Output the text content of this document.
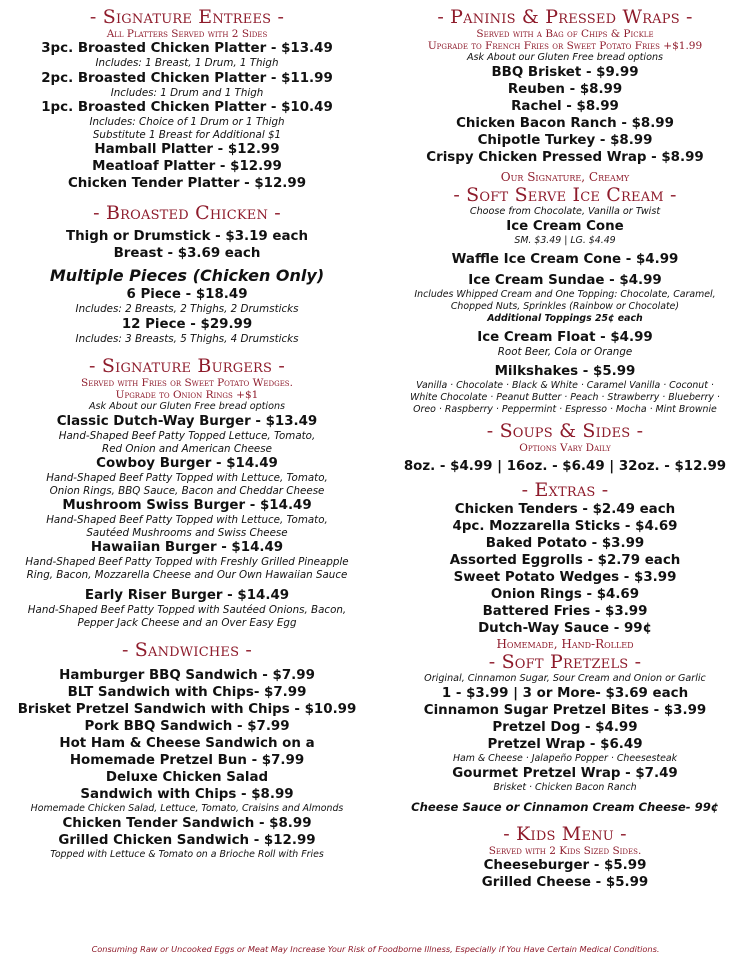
- Signature Entrees -

All Platters Served with 2 Sides

3pc. Broasted Chicken Platter - $13.49

Includes: 1 Breast, 1 Drum, 1 Thigh

2pc. Broasted Chicken Platter - $11.99

Includes: 1 Drum and 1 Thigh

1pc. Broasted Chicken Platter - $10.49

Includes: Choice of 1 Drum or 1 Thigh

Substitute 1 Breast for Additional $1

Hamball Platter - $12.99

Meatloaf Platter - $12.99

Chicken Tender Platter - $12.99

- Broasted Chicken -

Thigh or Drumstick - $3.19 each

Breast - $3.69 each

Multiple Pieces (Chicken Only)

6 Piece - $18.49

Includes: 2 Breasts, 2 Thighs, 2 Drumsticks

12 Piece - $29.99

Includes: 3 Breasts, 5 Thighs, 4 Drumsticks

- Signature Burgers -

Served with Fries or Sweet Potato Wedges.

Upgrade to Onion Rings +$1

Ask About our Gluten Free bread options

Classic Dutch-Way Burger - $13.49

Hand-Shaped Beef Patty Topped Lettuce, Tomato,

Red Onion and American Cheese

Cowboy Burger - $14.49

Hand-Shaped Beef Patty Topped with Lettuce, Tomato,

Onion Rings, BBQ Sauce, Bacon and Cheddar Cheese

Mushroom Swiss Burger - $14.49

Hand-Shaped Beef Patty Topped with Lettuce, Tomato,

Sautéed Mushrooms and Swiss Cheese

Hawaiian Burger - $14.49

Hand-Shaped Beef Patty Topped with Freshly Grilled Pineapple

Ring, Bacon, Mozzarella Cheese and Our Own Hawaiian Sauce

Early Riser Burger - $14.49

Hand-Shaped Beef Patty Topped with Sautéed Onions, Bacon,

Pepper Jack Cheese and an Over Easy Egg

- Sandwiches -

Hamburger BBQ Sandwich - $7.99

BLT Sandwich with Chips- $7.99

Brisket Pretzel Sandwich with Chips - $10.99

Pork BBQ Sandwich - $7.99

Hot Ham & Cheese Sandwich on a

Homemade Pretzel Bun - $7.99

Deluxe Chicken Salad

Sandwich with Chips - $8.99

Homemade Chicken Salad, Lettuce, Tomato, Craisins and Almonds

Chicken Tender Sandwich - $8.99

Grilled Chicken Sandwich - $12.99

Topped with Lettuce & Tomato on a Brioche Roll with Fries

- Paninis & Pressed Wraps -

Served with a Bag of Chips & Pickle

Upgrade to French Fries or Sweet Potato Fries +$1.99

Ask About our Gluten Free bread options

BBQ Brisket - $9.99

Reuben - $8.99

Rachel - $8.99

Chicken Bacon Ranch - $8.99

Chipotle Turkey - $8.99

Crispy Chicken Pressed Wrap - $8.99

Our Signature, Creamy

- Soft Serve Ice Cream -

Choose from Chocolate, Vanilla or Twist

Ice Cream Cone

SM. $3.49 | LG. $4.49

Waffle Ice Cream Cone - $4.99

Ice Cream Sundae - $4.99

Includes Whipped Cream and One Topping: Chocolate, Caramel,

Chopped Nuts, Sprinkles (Rainbow or Chocolate)

Additional Toppings 25¢ each

Ice Cream Float - $4.99

Root Beer, Cola or Orange

Milkshakes - $5.99

Vanilla · Chocolate · Black & White · Caramel Vanilla · Coconut ·

White Chocolate · Peanut Butter · Peach · Strawberry · Blueberry ·

Oreo · Raspberry · Peppermint · Espresso · Mocha · Mint Brownie

- Soups & Sides -

Options Vary Daily

8oz. - $4.99 | 16oz. - $6.49 | 32oz. - $12.99

- Extras -

Chicken Tenders - $2.49 each

4pc. Mozzarella Sticks - $4.69

Baked Potato - $3.99

Assorted Eggrolls - $2.79 each

Sweet Potato Wedges - $3.99

Onion Rings - $4.69

Battered Fries - $3.99

Dutch-Way Sauce - 99¢

Homemade, Hand-Rolled

- Soft Pretzels -

Original, Cinnamon Sugar, Sour Cream and Onion or Garlic

1 - $3.99 | 3 or More- $3.69 each

Cinnamon Sugar Pretzel Bites - $3.99

Pretzel Dog - $4.99

Pretzel Wrap - $6.49

Ham & Cheese · Jalapeño Popper · Cheesesteak

Gourmet Pretzel Wrap - $7.49

Brisket · Chicken Bacon Ranch

Cheese Sauce or Cinnamon Cream Cheese- 99¢

- Kids Menu -

Served with 2 Kids Sized Sides.

Cheeseburger - $5.99

Grilled Cheese - $5.99

Consuming Raw or Uncooked Eggs or Meat May Increase Your Risk of Foodborne Illness, Especially if You Have Certain Medical Conditions.
